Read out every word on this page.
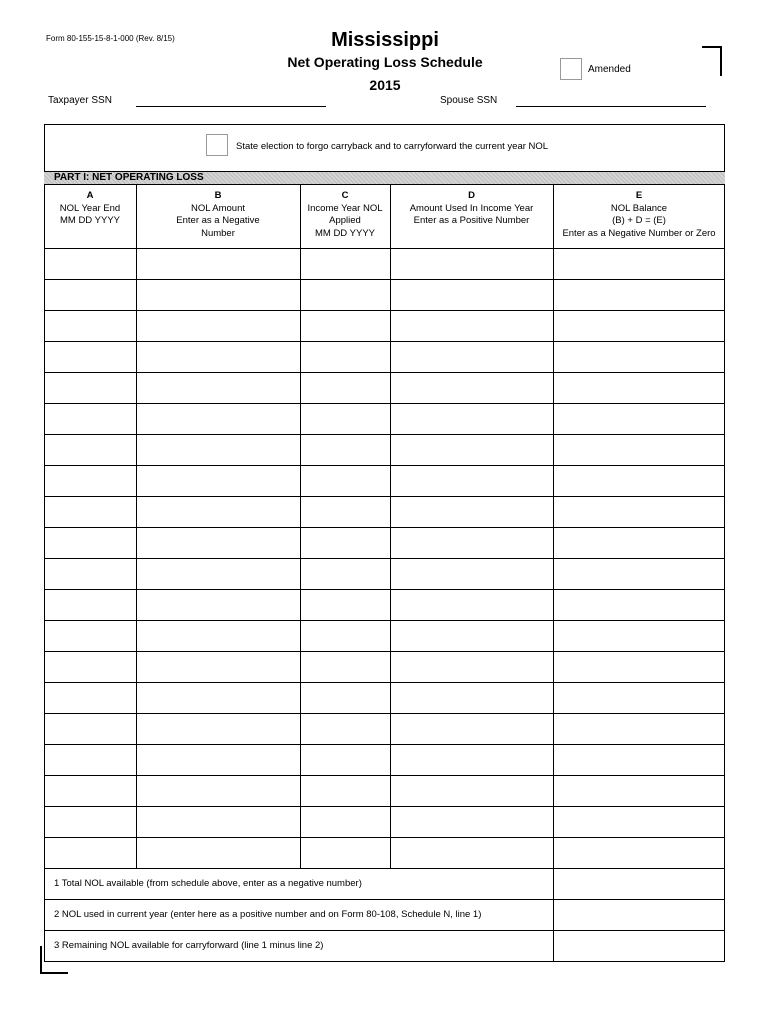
Form 80-155-15-8-1-000 (Rev. 8/15)	Mississippi
Net Operating Loss Schedule
2015
Amended
Taxpayer SSN	Spouse SSN
State election to forgo carryback and to carryforward the current year NOL
PART I: NET OPERATING LOSS
A
NOL Year End
MM DD YYYY
B
NOL Amount
Enter as a Negative
Number
C
Income Year NOL
Applied
MM DD YYYY
D
Amount Used In Income Year
Enter as a Positive Number
E
NOL Balance
(B) + D = (E)
Enter as a Negative Number or Zero
1 Total NOL available (from schedule above, enter as a negative number)
2 NOL used in current year (enter here as a positive number and on Form 80-108, Schedule N, line 1)
3 Remaining NOL available for carryforward (line 1 minus line 2)
